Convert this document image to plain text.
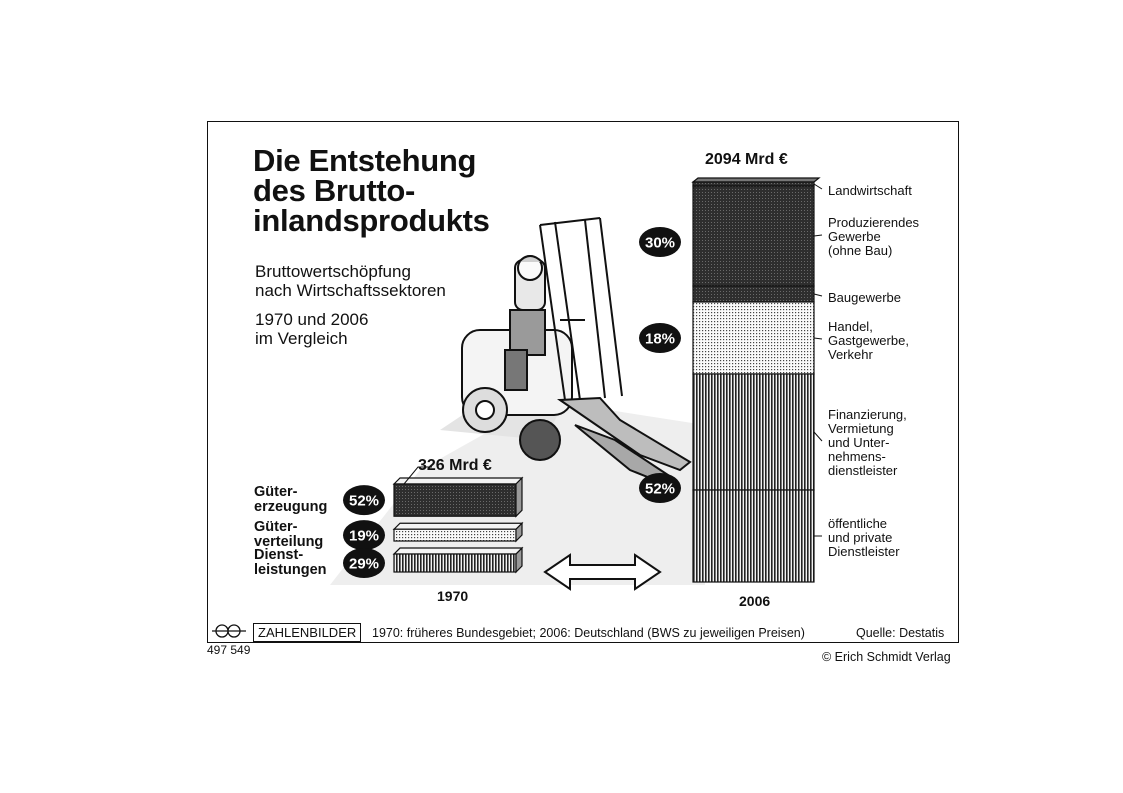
Die Entstehung
des Brutto-
inlandsprodukts
Bruttowertschöpfung
nach Wirtschaftssektoren
1970 und 2006
im Vergleich
52%
19%
29%
30%
18%
52%
Güter-
erzeugung
Güter-
verteilung
Dienst-
leistungen
Landwirtschaft
Produzierendes
Gewerbe
(ohne Bau)
Baugewerbe
Handel,
Gastgewerbe,
Verkehr
Finanzierung,
Vermietung
und Unter-
nehmens-
dienstleister
öffentliche
und private
Dienstleister
326 Mrd €
2094 Mrd €
1970	2006
ZAHLENBILDER	1970: früheres Bundesgebiet; 2006: Deutschland (BWS zu jeweiligen Preisen)	Quelle: Destatis
497 549	© Erich Schmidt Verlag
